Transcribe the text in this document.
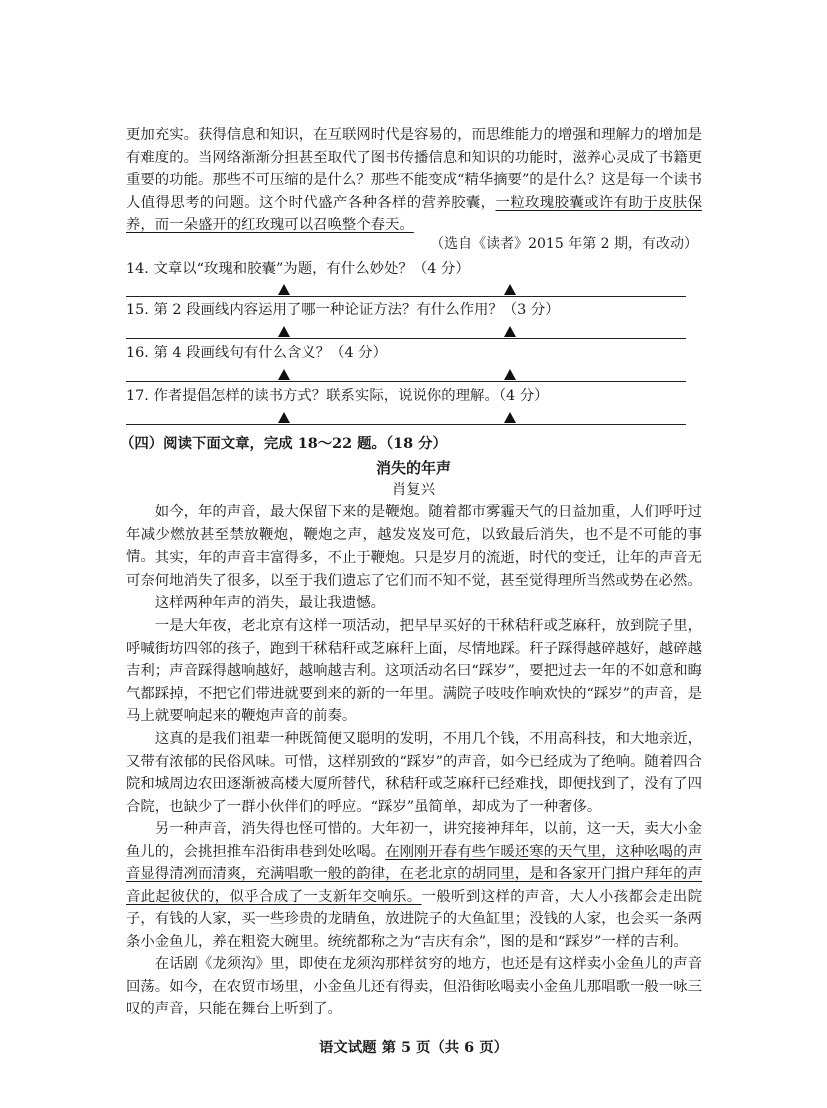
更加充实。获得信息和知识，在互联网时代是容易的，而思维能力的增强和理解力的增加是有难度的。当网络渐渐分担甚至取代了图书传播信息和知识的功能时，滋养心灵成了书籍更重要的功能。那些不可压缩的是什么？那些不能变成“精华摘要”的是什么？这是每一个读书人值得思考的问题。这个时代盛产各种各样的营养胶囊，一粒玫瑰胶囊或许有助于皮肤保养，而一朵盛开的红玫瑰可以召唤整个春天。

（选自《读者》2015 年第 2 期，有改动）
14. 文章以“玫瑰和胶囊”为题，有什么妙处？（4 分）
15. 第 2 段画线内容运用了哪一种论证方法？有什么作用？（3 分）
16. 第 4 段画线句有什么含义？（4 分）
17. 作者提倡怎样的读书方式？联系实际，说说你的理解。（4 分）
（四）阅读下面文章，完成 18～22 题。（18 分）
消失的年声
肖复兴

如今，年的声音，最大保留下来的是鞭炮。随着都市雾霾天气的日益加重，人们呼吁过年减少燃放甚至禁放鞭炮，鞭炮之声，越发岌岌可危，以致最后消失，也不是不可能的事情。 其实，年的声音丰富得多，不止于鞭炮。只是岁月的流逝，时代的变迁，让年的声音无可奈何地消失了很多，以至于我们遗忘了它们而不知不觉，甚至觉得理所当然或势在必然。

这样两种年声的消失，最让我遗憾。

一是大年夜，老北京有这样一项活动，把早早买好的干秫秸秆或芝麻秆，放到院子里，呼喊街坊四邻的孩子，跑到干秫秸秆或芝麻秆上面，尽情地踩。秆子踩得越碎越好，越碎越吉利；声音踩得越响越好，越响越吉利。这项活动名曰“踩岁”，要把过去一年的不如意和晦气都踩掉，不把它们带进就要到来的新的一年里。满院子吱吱作响欢快的“踩岁”的声音，是马上就要响起来的鞭炮声音的前奏。

这真的是我们祖辈一种既简便又聪明的发明，不用几个钱，不用高科技，和大地亲近，又带有浓郁的民俗风味。可惜，这样别致的“踩岁”的声音，如今已经成为了绝响。随着四合院和城周边农田逐渐被高楼大厦所替代，秫秸秆或芝麻秆已经难找，即便找到了，没有了四合院，也缺少了一群小伙伴们的呼应。“踩岁”虽简单，却成为了一种奢侈。

另一种声音，消失得也怪可惜的。大年初一，讲究接神拜年，以前，这一天，卖大小金鱼儿的，会挑担推车沿街串巷到处吆喝。在刚刚开春有些乍暖还寒的天气里，这种吆喝的声音显得清冽而清爽，充满唱歌一般的韵律，在老北京的胡同里，是和各家开门揖户拜年的声音此起彼伏的，似乎合成了一支新年交响乐。一般听到这样的声音，大人小孩都会走出院子，有钱的人家，买一些珍贵的龙睛鱼，放进院子的大鱼缸里；没钱的人家，也会买一条两条小金鱼儿，养在粗瓷大碗里。统统都称之为“吉庆有余”，图的是和“踩岁”一样的吉利。

在话剧《龙须沟》里，即使在龙须沟那样贫穷的地方，也还是有这样卖小金鱼儿的声音回荡。如今，在农贸市场里，小金鱼儿还有得卖，但沿街吆喝卖小金鱼儿那唱歌一般一咏三叹的声音，只能在舞台上听到了。

语文试题 第 5 页（共 6 页）
